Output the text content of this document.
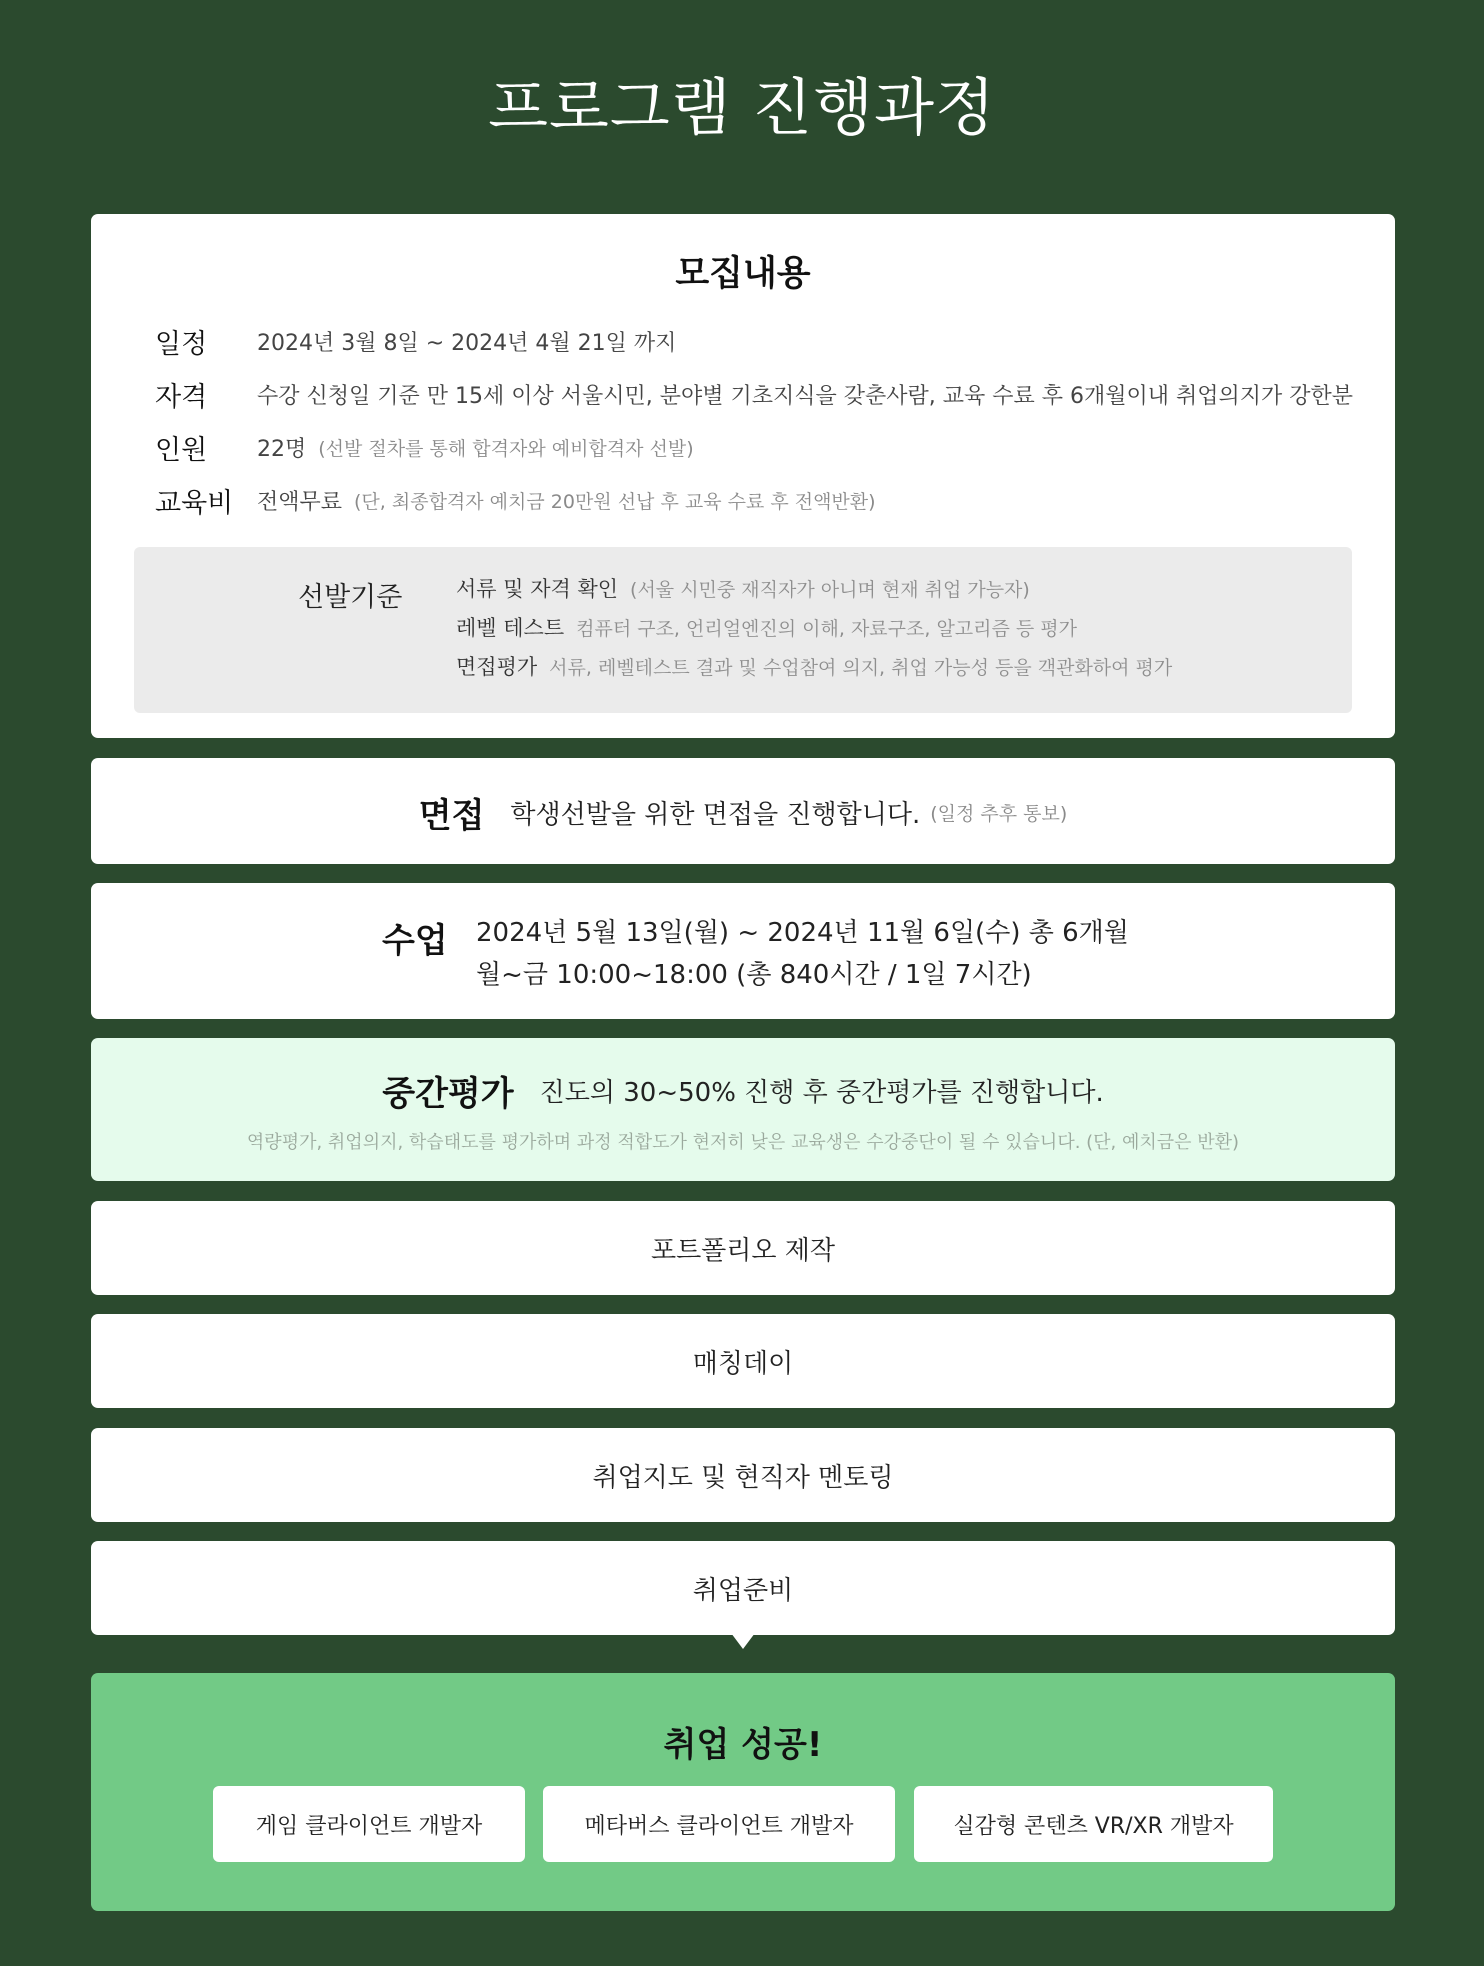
프로그램 진행과정
모집내용
일정	2024년 3월 8일 ~ 2024년 4월 21일 까지
자격	수강 신청일 기준 만 15세 이상 서울시민, 분야별 기초지식을 갖춘사람, 교육 수료 후 6개월이내 취업의지가 강한분
인원	22명 (선발 절차를 통해 합격자와 예비합격자 선발)
교육비	전액무료 (단, 최종합격자 예치금 20만원 선납 후 교육 수료 후 전액반환)
선발기준	서류 및 자격 확인 (서울 시민중 재직자가 아니며 현재 취업 가능자)
레벨 테스트 컴퓨터 구조, 언리얼엔진의 이해, 자료구조, 알고리즘 등 평가
면접평가 서류, 레벨테스트 결과 및 수업참여 의지, 취업 가능성 등을 객관화하여 평가
면접 학생선발을 위한 면접을 진행합니다. (일정 추후 통보)
수업 2024년 5월 13일(월) ~ 2024년 11월 6일(수) 총 6개월
월~금 10:00~18:00 (총 840시간 / 1일 7시간)
중간평가 진도의 30~50% 진행 후 중간평가를 진행합니다.
역량평가, 취업의지, 학습태도를 평가하며 과정 적합도가 현저히 낮은 교육생은 수강중단이 될 수 있습니다. (단, 예치금은 반환)
포트폴리오 제작
매칭데이
취업지도 및 현직자 멘토링
취업준비
취업 성공!
게임 클라이언트 개발자	메타버스 클라이언트 개발자	실감형 콘텐츠 VR/XR 개발자
